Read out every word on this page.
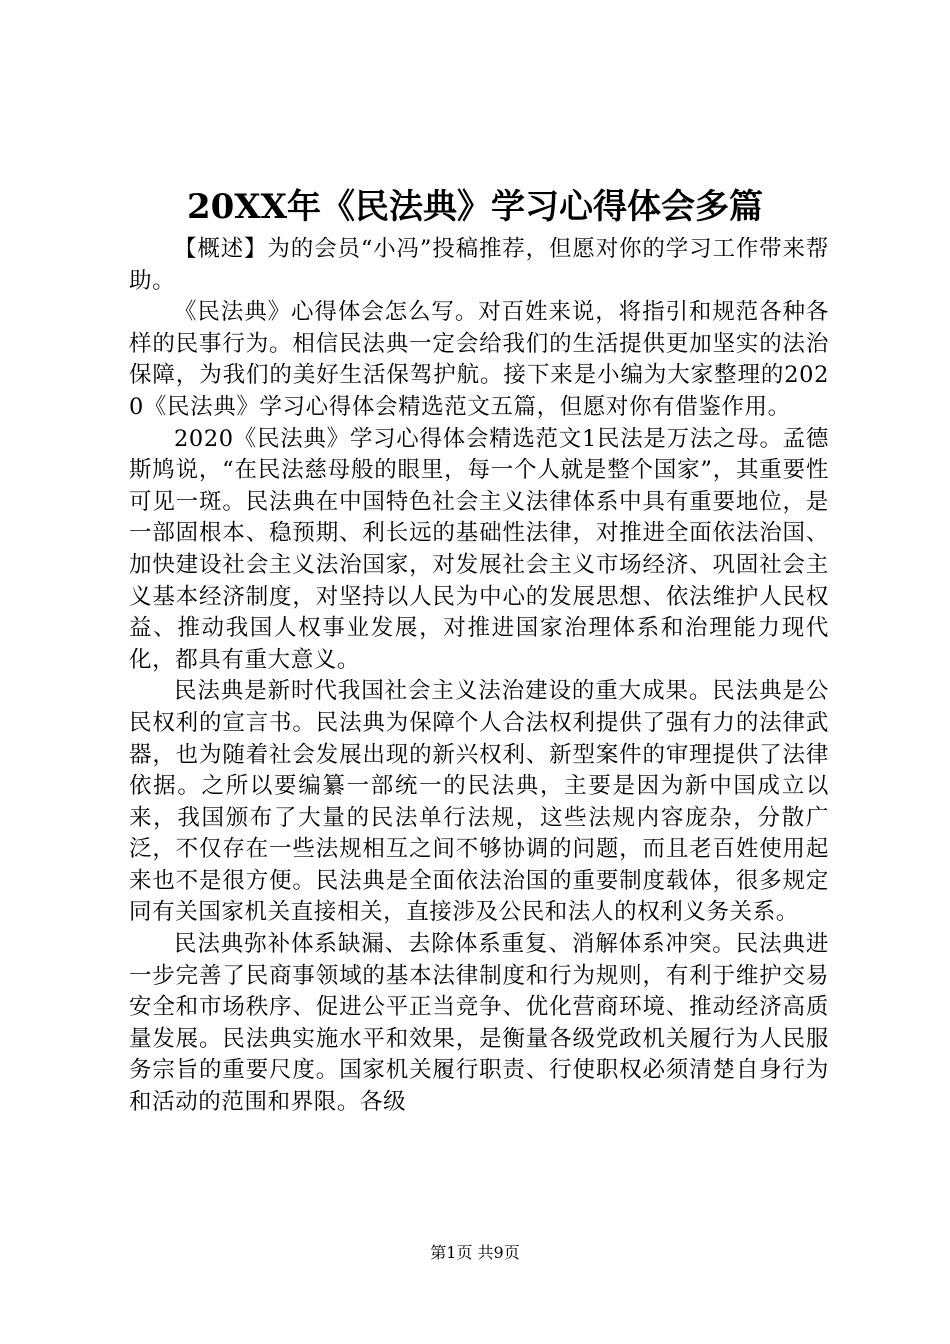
20XX年《民法典》学习心得体会多篇

【概述】为的会员“小冯”投稿推荐，但愿对你的学习工作带来帮助。

《民法典》心得体会怎么写。对百姓来说，将指引和规范各种各样的民事行为。相信民法典一定会给我们的生活提供更加坚实的法治保障，为我们的美好生活保驾护航。接下来是小编为大家整理的2020《民法典》学习心得体会精选范文五篇，但愿对你有借鉴作用。

2020《民法典》学习心得体会精选范文1民法是万法之母。孟德斯鸠说，“在民法慈母般的眼里，每一个人就是整个国家”，其重要性可见一斑。民法典在中国特色社会主义法律体系中具有重要地位，是一部固根本、稳预期、利长远的基础性法律，对推进全面依法治国、加快建设社会主义法治国家，对发展社会主义市场经济、巩固社会主义基本经济制度，对坚持以人民为中心的发展思想、依法维护人民权益、推动我国人权事业发展，对推进国家治理体系和治理能力现代化，都具有重大意义。

民法典是新时代我国社会主义法治建设的重大成果。民法典是公民权利的宣言书。民法典为保障个人合法权利提供了强有力的法律武器，也为随着社会发展出现的新兴权利、新型案件的审理提供了法律依据。之所以要编纂一部统一的民法典，主要是因为新中国成立以来，我国颁布了大量的民法单行法规，这些法规内容庞杂，分散广泛，不仅存在一些法规相互之间不够协调的问题，而且老百姓使用起来也不是很方便。民法典是全面依法治国的重要制度载体，很多规定同有关国家机关直接相关，直接涉及公民和法人的权利义务关系。

民法典弥补体系缺漏、去除体系重复、消解体系冲突。民法典进一步完善了民商事领域的基本法律制度和行为规则，有利于维护交易安全和市场秩序、促进公平正当竞争、优化营商环境、推动经济高质量发展。民法典实施水平和效果，是衡量各级党政机关履行为人民服务宗旨的重要尺度。国家机关履行职责、行使职权必须清楚自身行为和活动的范围和界限。各级

第1页 共9页
